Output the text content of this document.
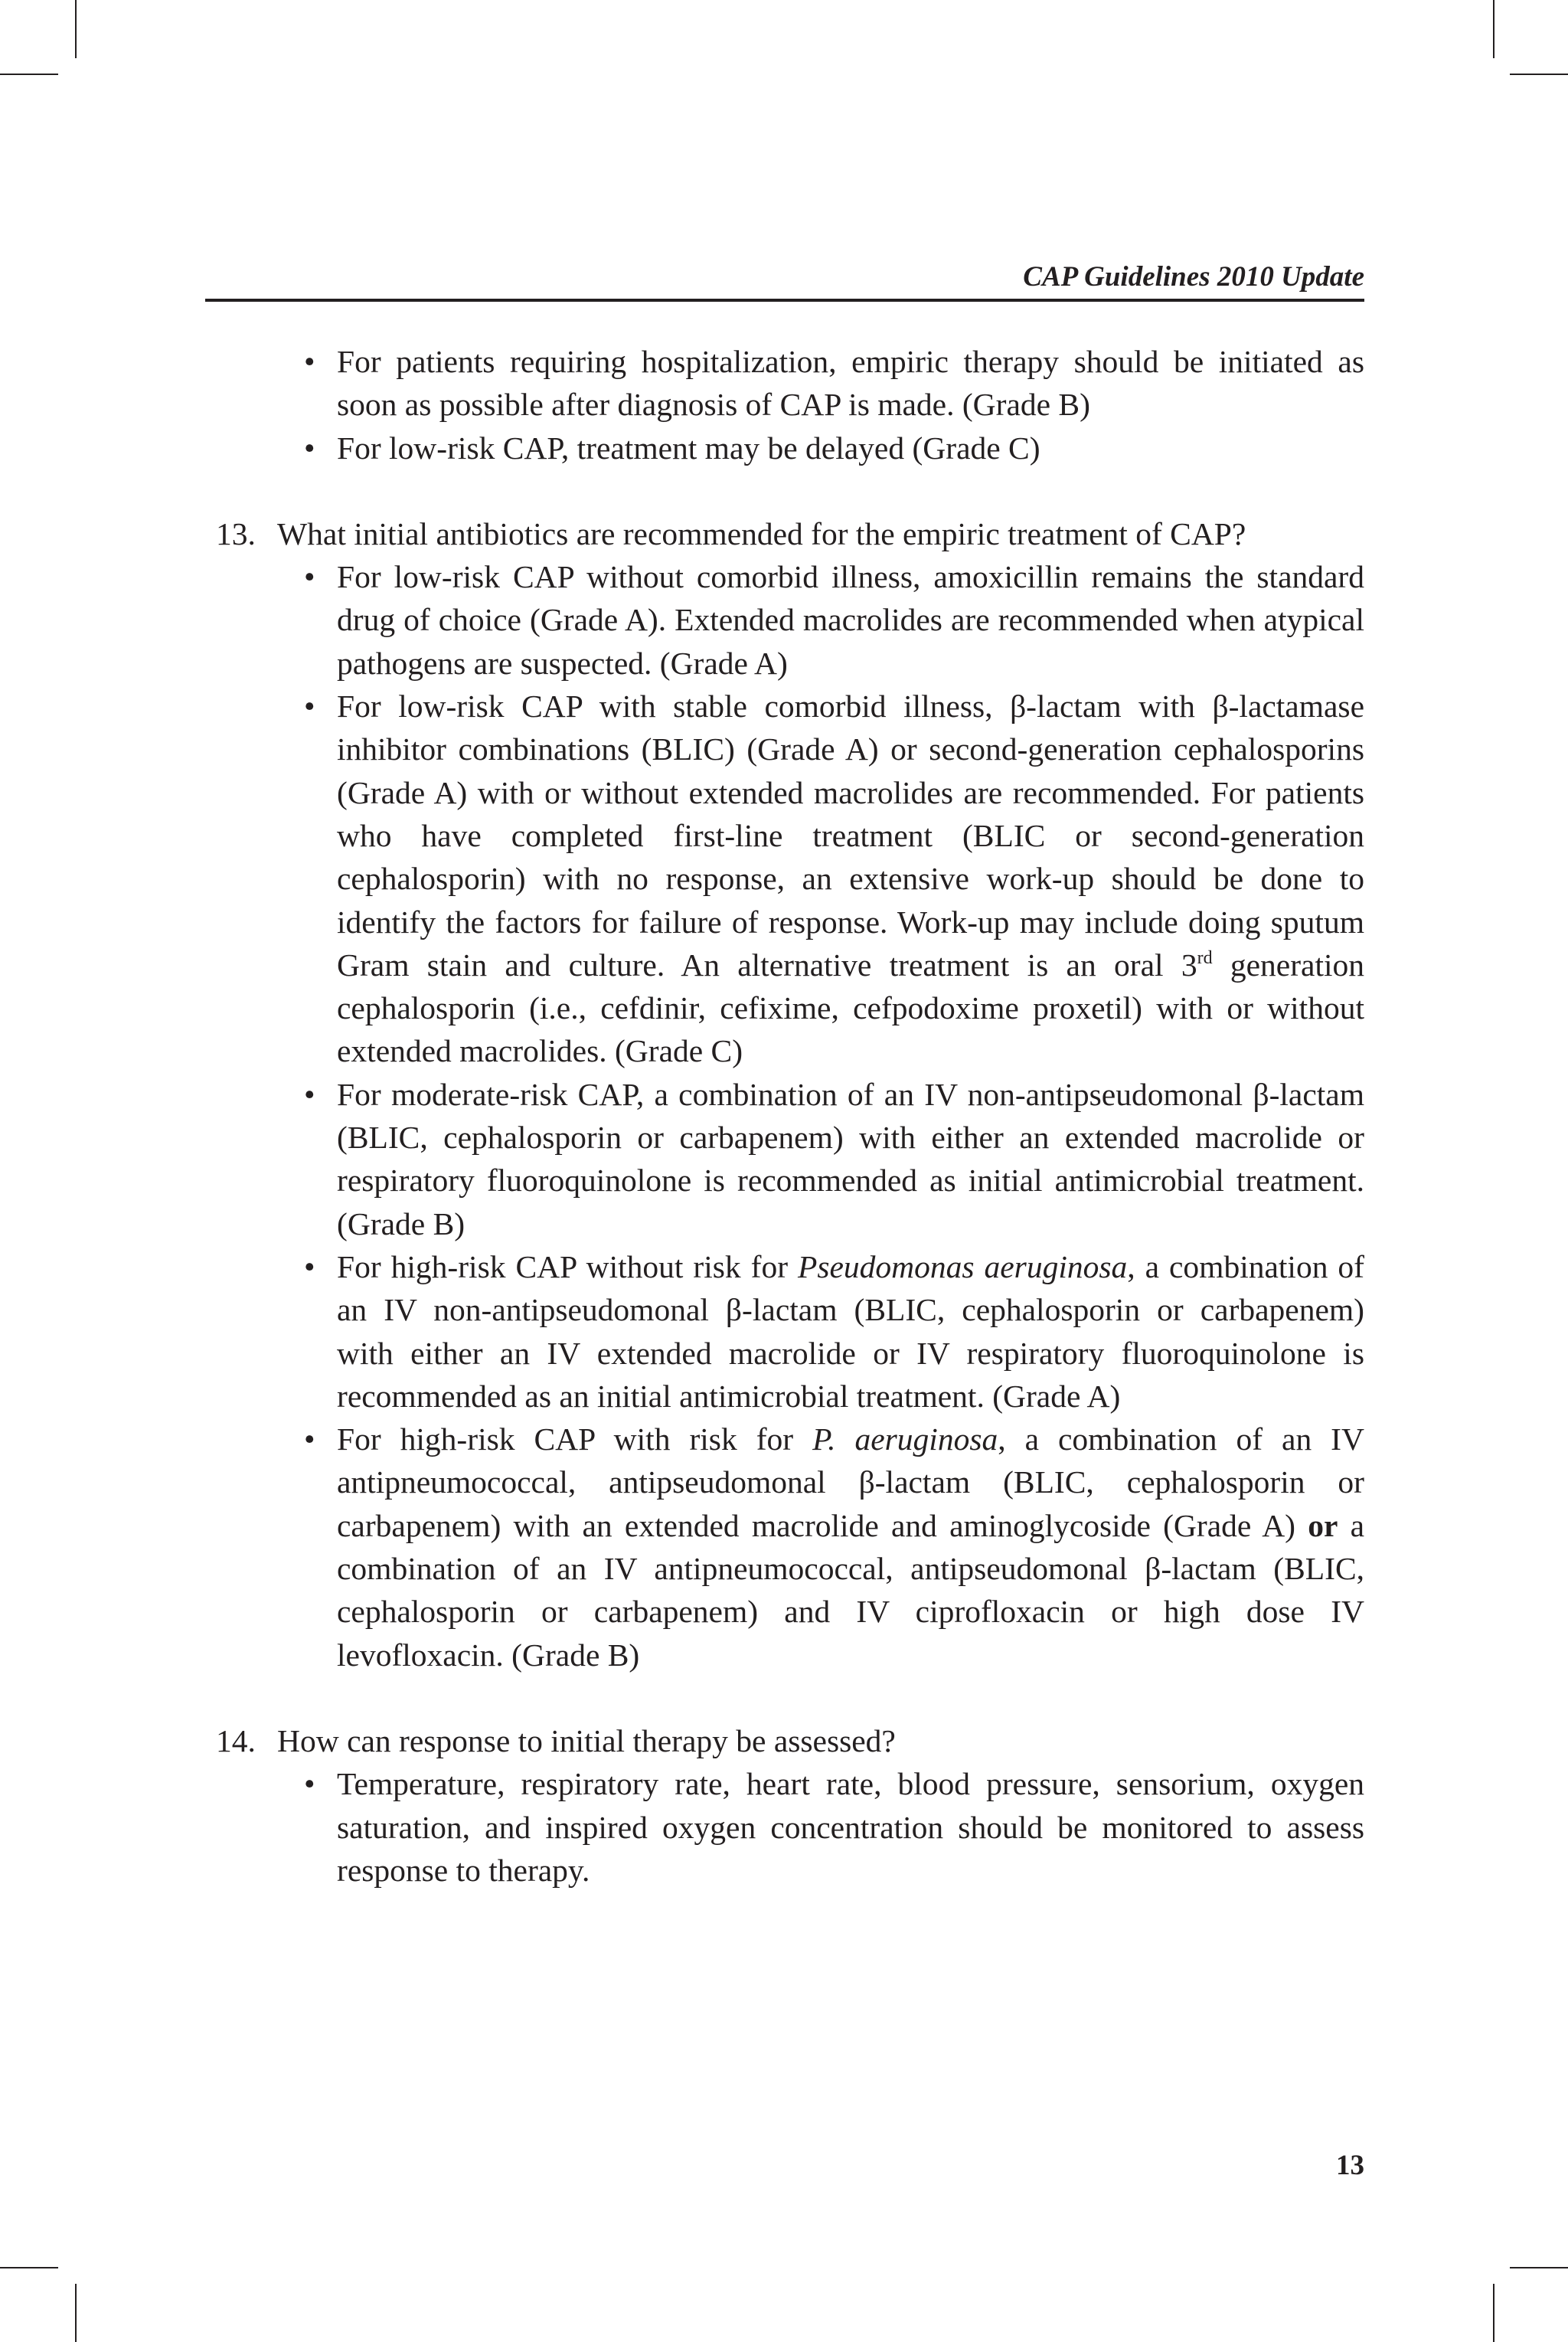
CAP Guidelines 2010 Update
• For patients requiring hospitalization, empiric therapy should be initiated as soon as possible after diagnosis of CAP is made. (Grade B)
• For low-risk CAP, treatment may be delayed (Grade C)
13. What initial antibiotics are recommended for the empiric treatment of CAP?
• For low-risk CAP without comorbid illness, amoxicillin remains the standard drug of choice (Grade A). Extended macrolides are recommended when atypical pathogens are suspected. (Grade A)
• For low-risk CAP with stable comorbid illness, β-lactam with β-lactamase inhibitor combinations (BLIC) (Grade A) or second-generation cephalosporins (Grade A) with or without extended macrolides are recommended. For patients who have completed first-line treatment (BLIC or second-generation cephalosporin) with no response, an extensive work-up should be done to identify the factors for failure of response. Work-up may include doing sputum Gram stain and culture. An alternative treatment is an oral 3rd generation cephalosporin (i.e., cefdinir, cefixime, cefpodoxime proxetil) with or without extended macrolides. (Grade C)
• For moderate-risk CAP, a combination of an IV non-antipseudomonal β-lactam (BLIC, cephalosporin or carbapenem) with either an extended macrolide or respiratory fluoroquinolone is recommended as initial antimicrobial treatment. (Grade B)
• For high-risk CAP without risk for Pseudomonas aeruginosa, a combination of an IV non-antipseudomonal β-lactam (BLIC, cephalosporin or carbapenem) with either an IV extended macrolide or IV respiratory fluoroquinolone is recommended as an initial antimicrobial treatment. (Grade A)
• For high-risk CAP with risk for P. aeruginosa, a combination of an IV antipneumococcal, antipseudomonal β-lactam (BLIC, cephalosporin or carbapenem) with an extended macrolide and aminoglycoside (Grade A) or a combination of an IV antipneumococcal, antipseudomonal β-lactam (BLIC, cephalosporin or carbapenem) and IV ciprofloxacin or high dose IV levofloxacin. (Grade B)
14. How can response to initial therapy be assessed?
• Temperature, respiratory rate, heart rate, blood pressure, sensorium, oxygen saturation, and inspired oxygen concentration should be monitored to assess response to therapy.
13
